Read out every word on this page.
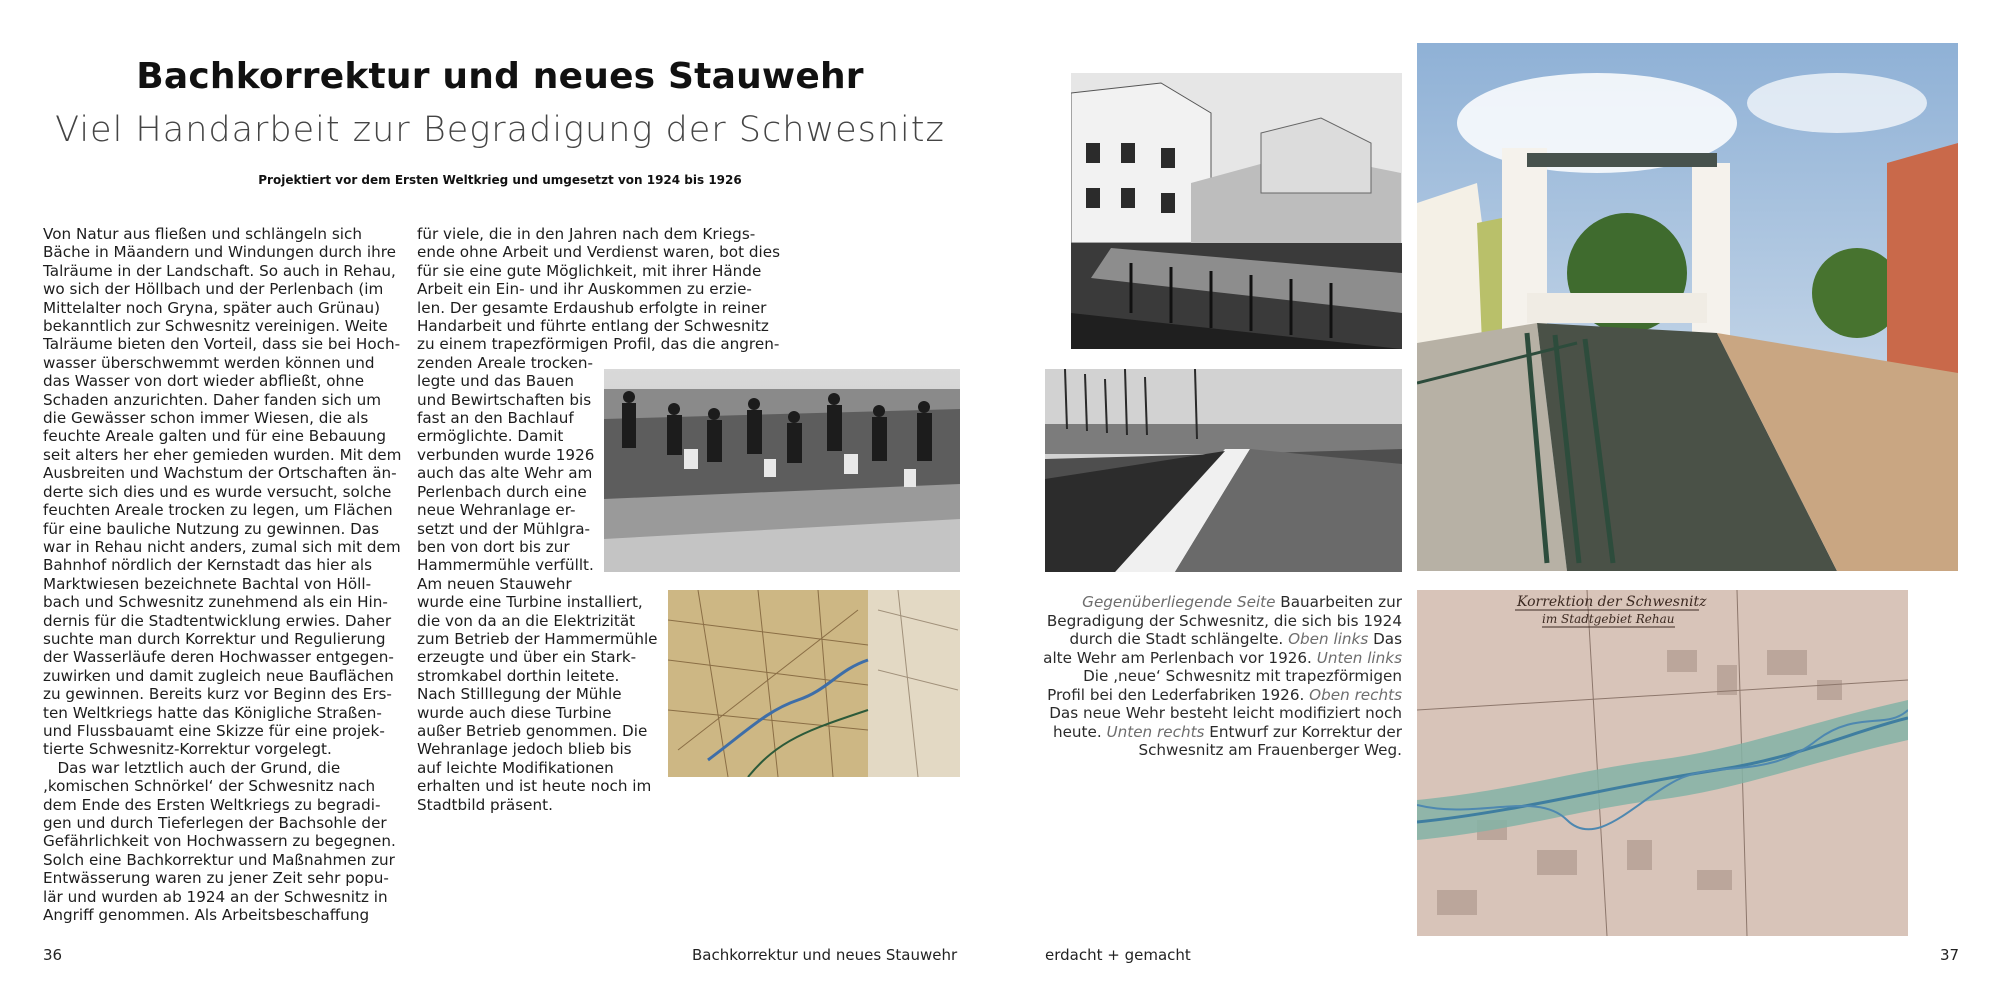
Bachkorrektur und neues Stauwehr
Viel Handarbeit zur Begradigung der Schwesnitz

Projektiert vor dem Ersten Weltkrieg und umgesetzt von 1924 bis 1926

Von Natur aus fließen und schlängeln sich
Bäche in Mäandern und Windungen durch ihre
Talräume in der Landschaft. So auch in Rehau,
wo sich der Höllbach und der Perlenbach (im
Mittelalter noch Gryna, später auch Grünau)
bekanntlich zur Schwesnitz vereinigen. Weite
Talräume bieten den Vorteil, dass sie bei Hoch-
wasser überschwemmt werden können und
das Wasser von dort wieder abfließt, ohne
Schaden anzurichten. Daher fanden sich um
die Gewässer schon immer Wiesen, die als
feuchte Areale galten und für eine Bebauung
seit alters her eher gemieden wurden. Mit dem
Ausbreiten und Wachstum der Ortschaften än-
derte sich dies und es wurde versucht, solche
feuchten Areale trocken zu legen, um Flächen
für eine bauliche Nutzung zu gewinnen. Das
war in Rehau nicht anders, zumal sich mit dem
Bahnhof nördlich der Kernstadt das hier als
Marktwiesen bezeichnete Bachtal von Höll-
bach und Schwesnitz zunehmend als ein Hin-
dernis für die Stadtentwicklung erwies. Daher
suchte man durch Korrektur und Regulierung
der Wasserläufe deren Hochwasser entgegen-
zuwirken und damit zugleich neue Bauflächen
zu gewinnen. Bereits kurz vor Beginn des Ers-
ten Weltkriegs hatte das Königliche Straßen-
und Flussbauamt eine Skizze für eine projek-
tierte Schwesnitz-Korrektur vorgelegt.
Das war letztlich auch der Grund, die
‚komischen Schnörkel‘ der Schwesnitz nach
dem Ende des Ersten Weltkriegs zu begradi-
gen und durch Tieferlegen der Bachsohle der
Gefährlichkeit von Hochwassern zu begegnen.
Solch eine Bachkorrektur und Maßnahmen zur
Entwässerung waren zu jener Zeit sehr popu-
lär und wurden ab 1924 an der Schwesnitz in
Angriff genommen. Als Arbeitsbeschaffung
für viele, die in den Jahren nach dem Kriegs-
ende ohne Arbeit und Verdienst waren, bot dies
für sie eine gute Möglichkeit, mit ihrer Hände
Arbeit ein Ein- und ihr Auskommen zu erzie-
len. Der gesamte Erdaushub erfolgte in reiner
Handarbeit und führte entlang der Schwesnitz
zu einem trapezförmigen Profil, das die angren-
zenden Areale trocken-
legte und das Bauen
und Bewirtschaften bis
fast an den Bachlauf
ermöglichte. Damit
verbunden wurde 1926
auch das alte Wehr am
Perlenbach durch eine
neue Wehranlage er-
setzt und der Mühlgra-
ben von dort bis zur
Hammermühle verfüllt.
Am neuen Stauwehr
wurde eine Turbine installiert,
die von da an die Elektrizität
zum Betrieb der Hammermühle
erzeugte und über ein Stark-
stromkabel dorthin leitete.
Nach Stilllegung der Mühle
wurde auch diese Turbine
außer Betrieb genommen. Die
Wehranlage jedoch blieb bis
auf leichte Modifikationen
erhalten und ist heute noch im
Stadtbild präsent.
36	Bachkorrektur und neues Stauwehr
Gegenüberliegende Seite Bauarbeiten zur
Begradigung der Schwesnitz, die sich bis 1924
durch die Stadt schlängelte. Oben links Das
alte Wehr am Perlenbach vor 1926. Unten links
Die ‚neue‘ Schwesnitz mit trapezförmigen
Profil bei den Lederfabriken 1926. Oben rechts
Das neue Wehr besteht leicht modifiziert noch
heute. Unten rechts Entwurf zur Korrektur der
Schwesnitz am Frauenberger Weg.
Korrektion der Schwesnitz
im Stadtgebiet Rehau
erdacht + gemacht	37
